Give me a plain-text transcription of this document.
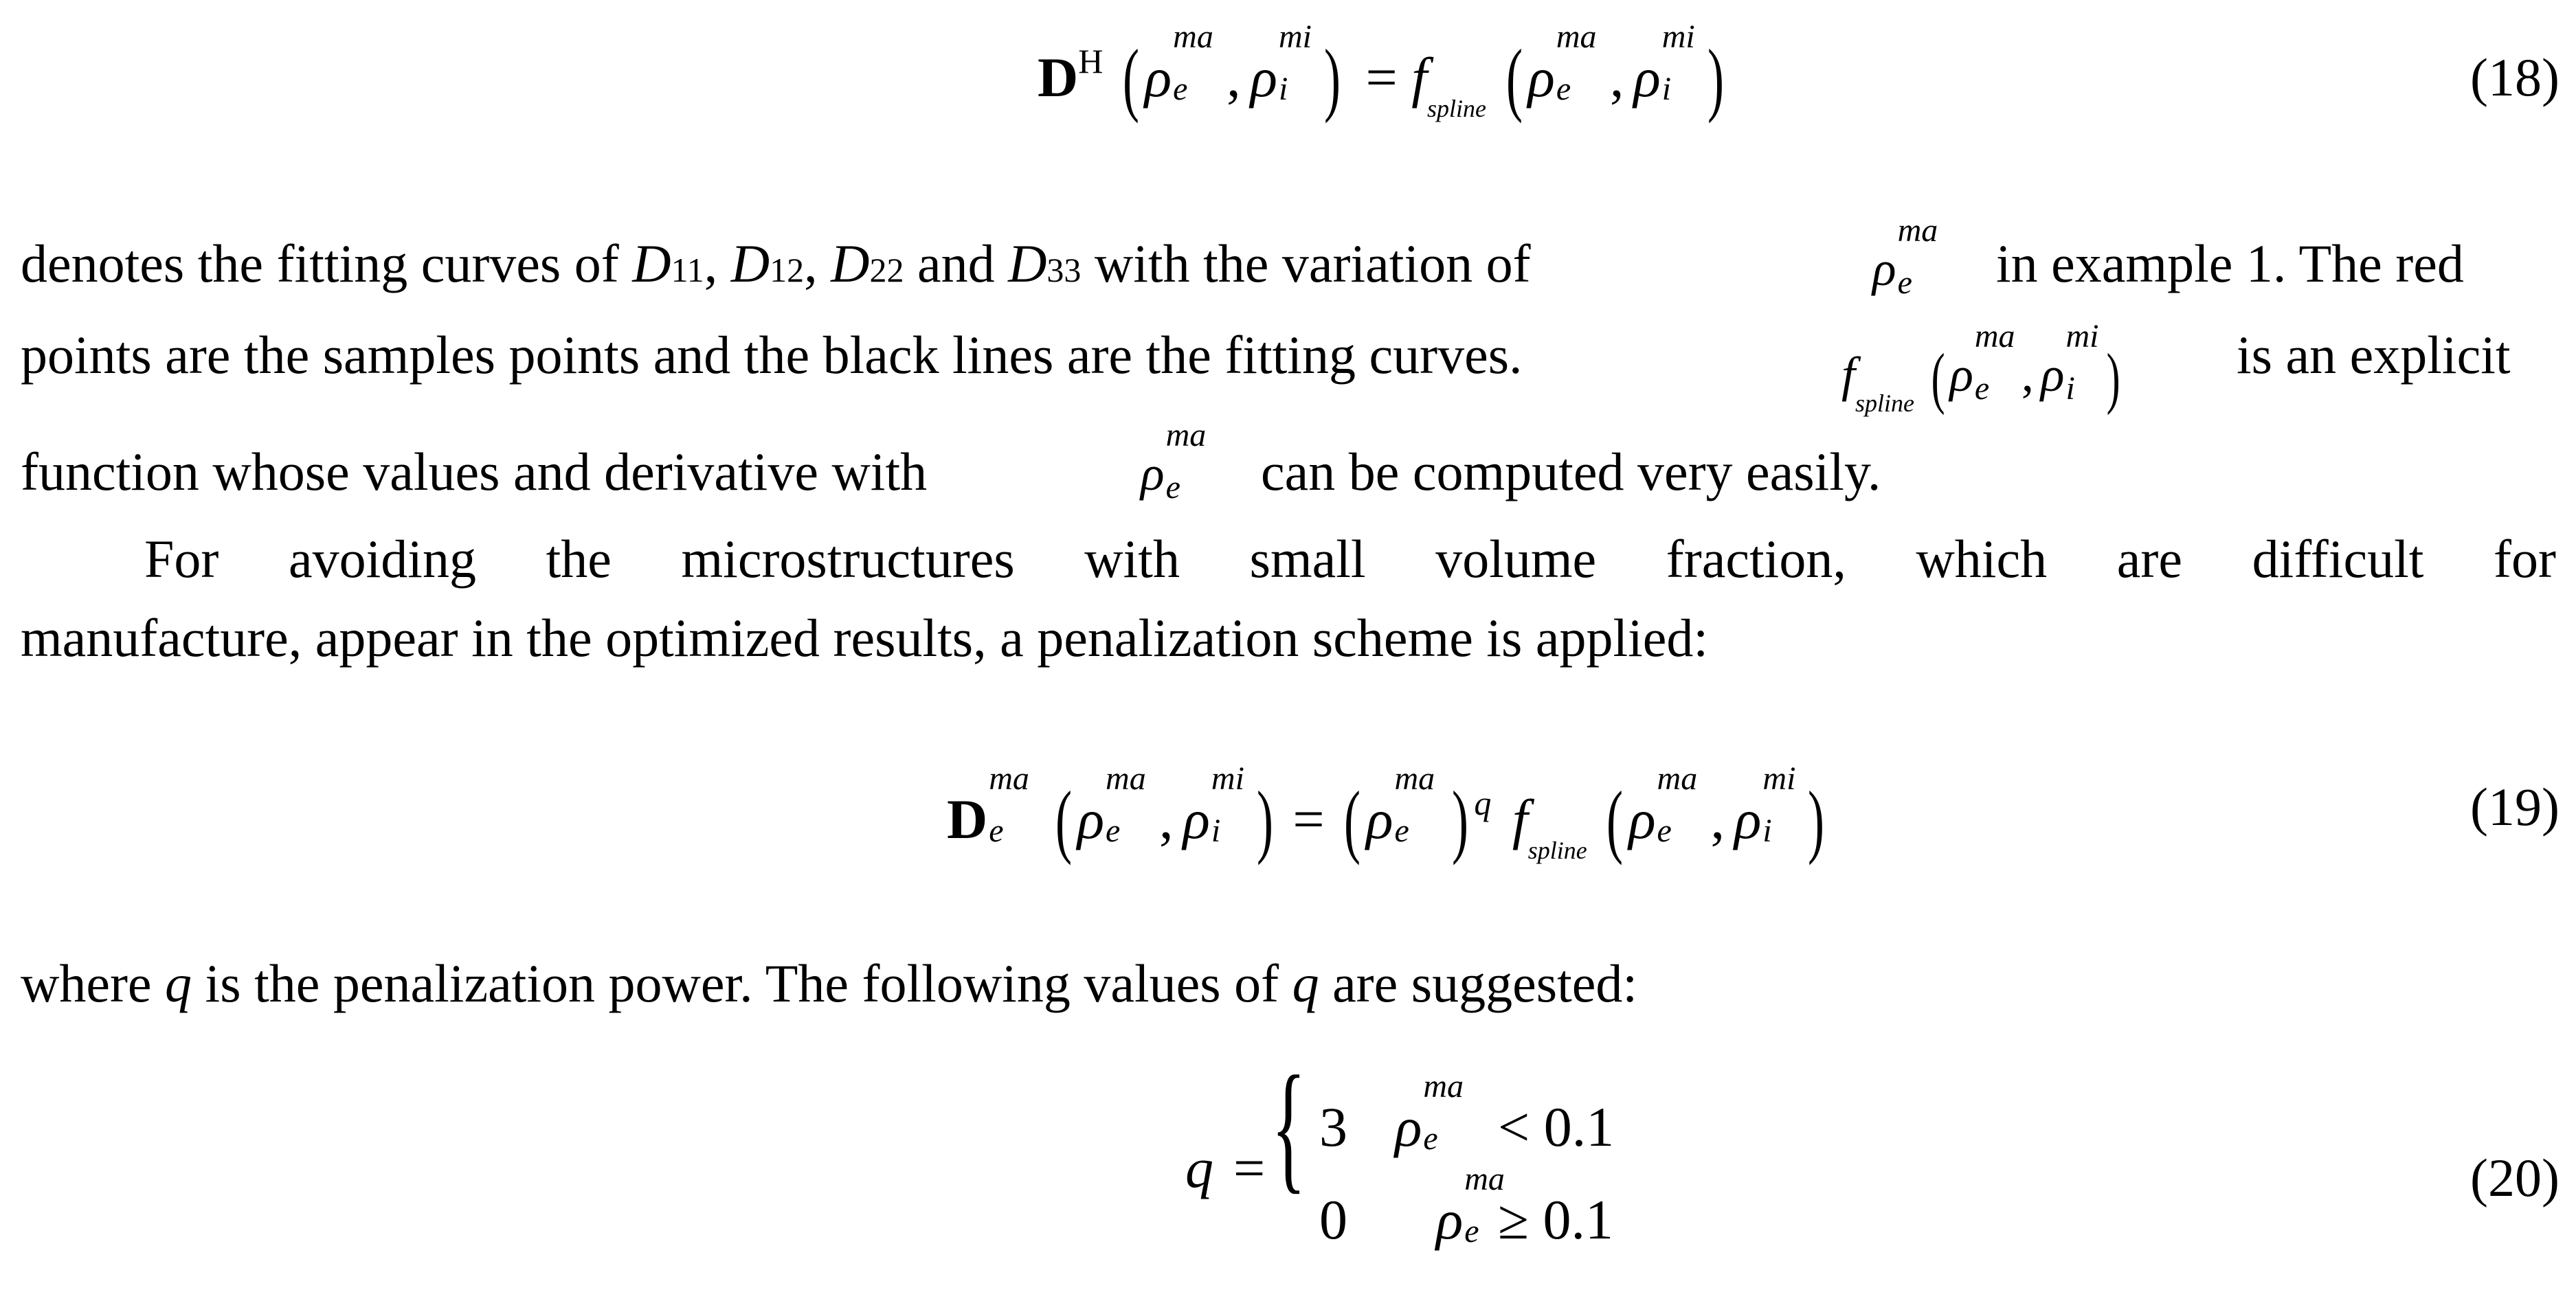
$D^H$ (ρ
ma
e , ρ
mi
i ) = $f_{spline}$ (ρ
ma
e , ρ
mi
i )	(18)
denotes the fitting curves of D11, D12, D22 and D33 with the variation of	ρ
ma
e in example 1. The red
points are the samples points and the black lines are the fitting curves.	$f_{spline}$ (ρ
ma
e , ρ
mi
i ) is an explicit
function whose values and derivative with	ρ
ma
e can be computed very easily.
For avoiding the microstructures with small volume fraction, which are difficult for
manufacture, appear in the optimized results, a penalization scheme is applied:
D
ma
e (ρ
ma
e , ρ
mi
i ) = (ρ
ma
e ) $^q$ $f_{spline}$ (ρ
ma
e , ρ
mi
i )	(19)
where q is the penalization power. The following values of q are suggested:
q = { 3 ρ
ma
e
< 0.1
0 ρ
ma
e ≥ 0.1
(20)
